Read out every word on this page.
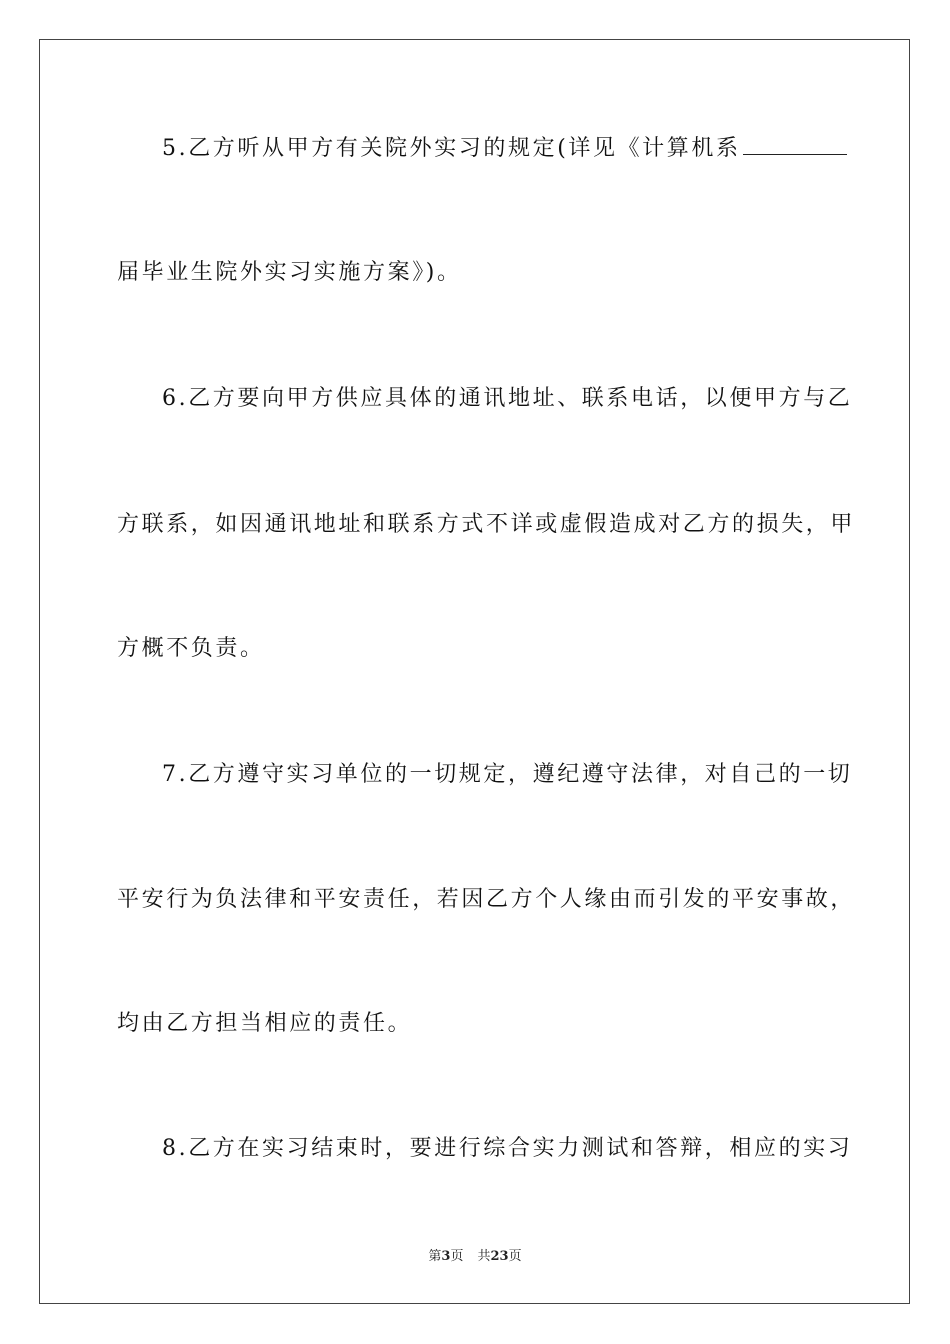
5.乙方听从甲方有关院外实习的规定(详见《计算机系
届毕业生院外实习实施方案》)。
6.乙方要向甲方供应具体的通讯地址、联系电话，以便甲方与乙
方联系，如因通讯地址和联系方式不详或虚假造成对乙方的损失，甲
方概不负责。
7.乙方遵守实习单位的一切规定，遵纪遵守法律，对自己的一切
平安行为负法律和平安责任，若因乙方个人缘由而引发的平安事故，
均由乙方担当相应的责任。
8.乙方在实习结束时，要进行综合实力测试和答辩，相应的实习
第3页 共23页
